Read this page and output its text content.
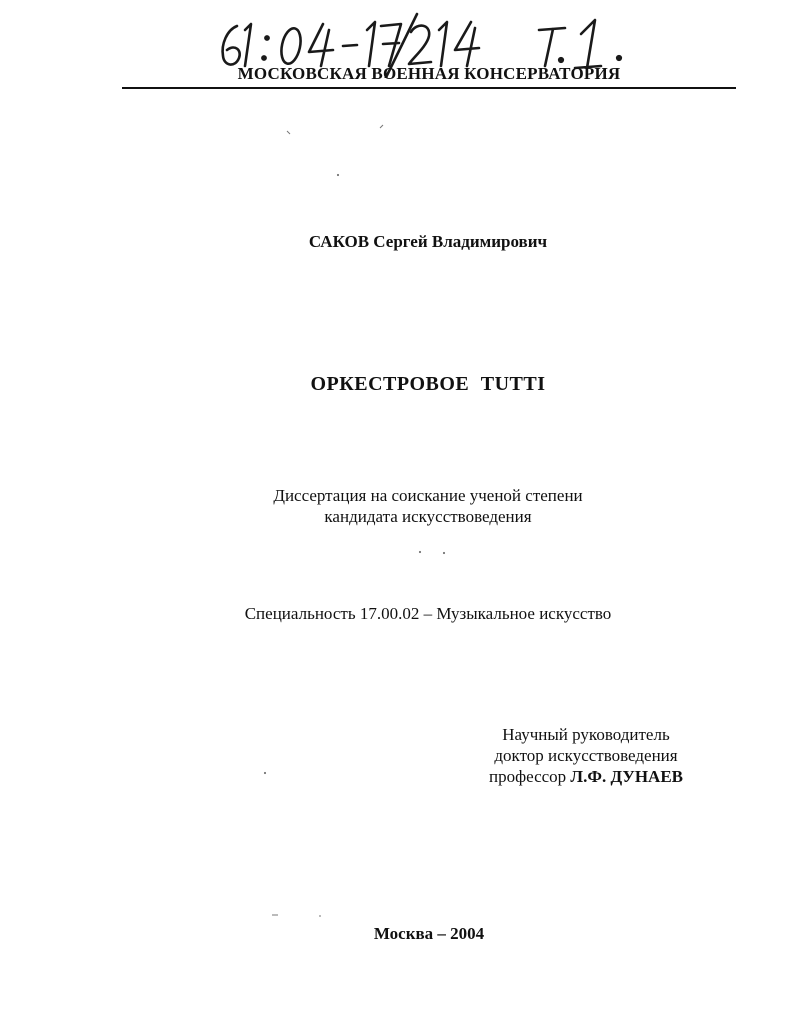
61:04-17/214
МОСКОВСКАЯ ВОЕННАЯ КОНСЕРВАТОРИЯ
САКОВ Сергей Владимирович
ОРКЕСТРОВОЕ TUTTI
Диссертация на соискание ученой степени
кандидата искусствоведения
Специальность 17.00.02 – Музыкальное искусство
Научный руководитель
доктор искусствоведения
профессор Л.Ф. ДУНАЕВ
Москва – 2004
